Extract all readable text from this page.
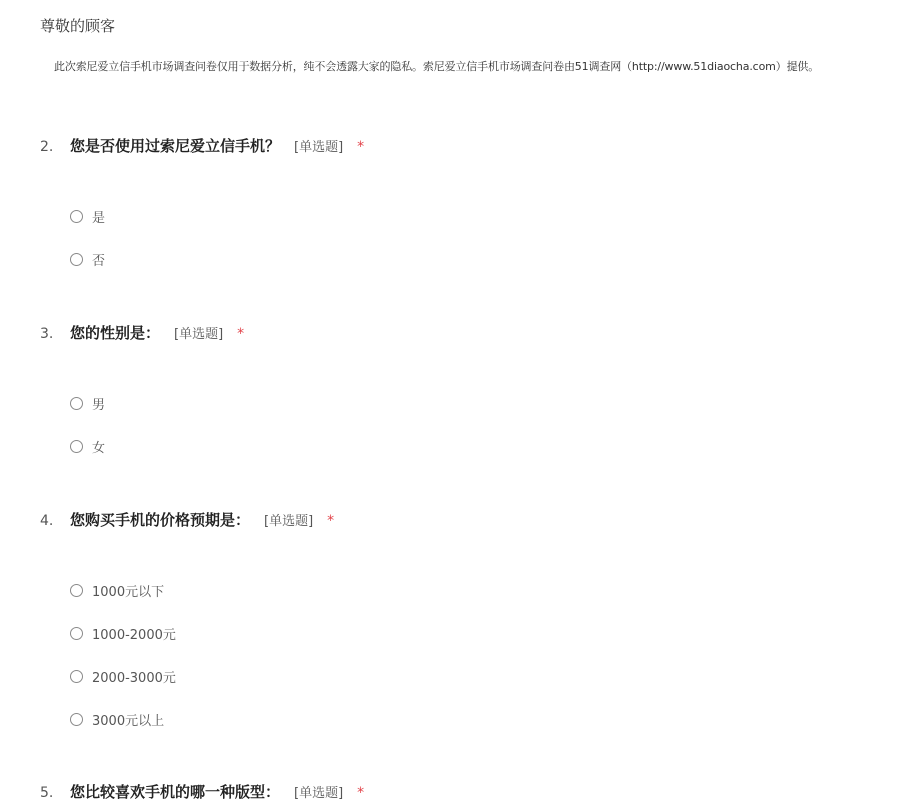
尊敬的顾客
此次索尼爱立信手机市场调查问卷仅用于数据分析，纯不会透露大家的隐私。索尼爱立信手机市场调查问卷由51调查网（http://www.51diaocha.com）提供。
2.	您是否使用过索尼爱立信手机？ [单选题] *
是
否
3.	您的性别是： [单选题] *
男
女
4.	您购买手机的价格预期是： [单选题] *
1000元以下
1000-2000元
2000-3000元
3000元以上
5.	您比较喜欢手机的哪一种版型： [单选题] *
